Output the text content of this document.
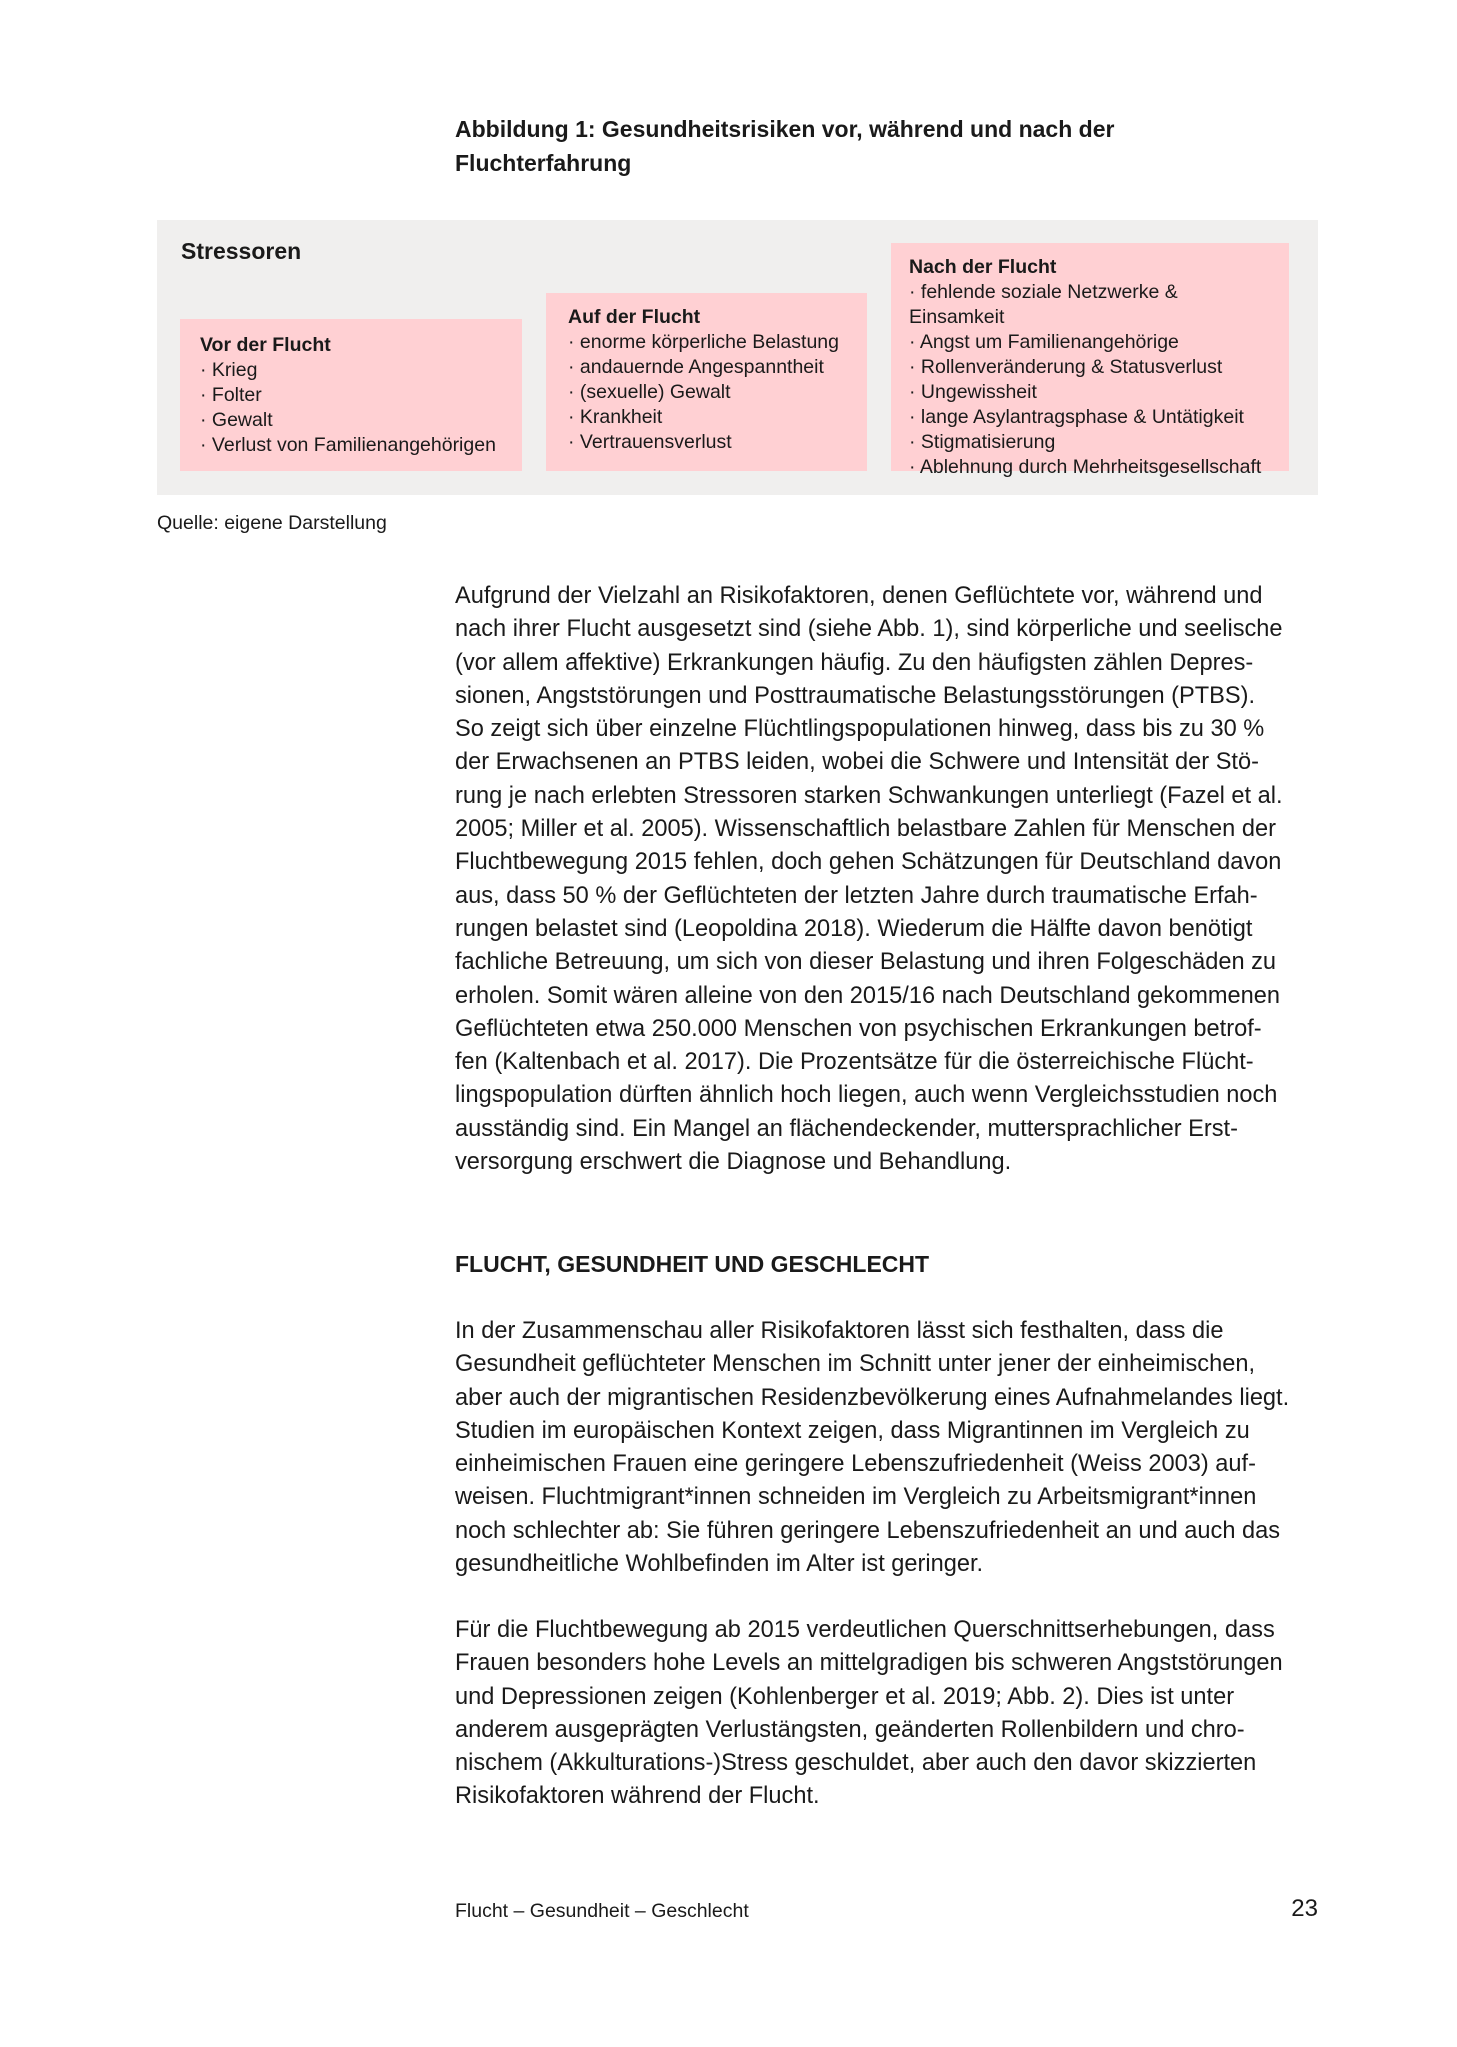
Abbildung 1: Gesundheitsrisiken vor, während und nach der
Fluchterfahrung
Stressoren
Vor der Flucht
· Krieg
· Folter
· Gewalt
· Verlust von Familienangehörigen
Auf der Flucht
· enorme körperliche Belastung
· andauernde Angespanntheit
· (sexuelle) Gewalt
· Krankheit
· Vertrauensverlust
Nach der Flucht
· fehlende soziale Netzwerke & Einsamkeit
· Angst um Familienangehörige
· Rollenveränderung & Statusverlust
· Ungewissheit
· lange Asylantragsphase & Untätigkeit
· Stigmatisierung
· Ablehnung durch Mehrheitsgesellschaft

Quelle: eigene Darstellung

Aufgrund der Vielzahl an Risikofaktoren, denen Geflüchtete vor, während und
nach ihrer Flucht ausgesetzt sind (siehe Abb. 1), sind körperliche und seelische
(vor allem affektive) Erkrankungen häufig. Zu den häufigsten zählen Depres-
sionen, Angststörungen und Posttraumatische Belastungsstörungen (PTBS).
So zeigt sich über einzelne Flüchtlingspopulationen hinweg, dass bis zu 30 %
der Erwachsenen an PTBS leiden, wobei die Schwere und Intensität der Stö-
rung je nach erlebten Stressoren starken Schwankungen unterliegt (Fazel et al.
2005; Miller et al. 2005). Wissenschaftlich belastbare Zahlen für Menschen der
Fluchtbewegung 2015 fehlen, doch gehen Schätzungen für Deutschland davon
aus, dass 50 % der Geflüchteten der letzten Jahre durch traumatische Erfah-
rungen belastet sind (Leopoldina 2018). Wiederum die Hälfte davon benötigt
fachliche Betreuung, um sich von dieser Belastung und ihren Folgeschäden zu
erholen. Somit wären alleine von den 2015/16 nach Deutschland gekommenen
Geflüchteten etwa 250.000 Menschen von psychischen Erkrankungen betrof-
fen (Kaltenbach et al. 2017). Die Prozentsätze für die österreichische Flücht-
lingspopulation dürften ähnlich hoch liegen, auch wenn Vergleichsstudien noch
ausständig sind. Ein Mangel an flächendeckender, muttersprachlicher Erst-
versorgung erschwert die Diagnose und Behandlung.

FLUCHT, GESUNDHEIT UND GESCHLECHT

In der Zusammenschau aller Risikofaktoren lässt sich festhalten, dass die
Gesundheit geflüchteter Menschen im Schnitt unter jener der einheimischen,
aber auch der migrantischen Residenzbevölkerung eines Aufnahmelandes liegt.
Studien im europäischen Kontext zeigen, dass Migrantinnen im Vergleich zu
einheimischen Frauen eine geringere Lebenszufriedenheit (Weiss 2003) auf-
weisen. Fluchtmigrant*innen schneiden im Vergleich zu Arbeitsmigrant*innen
noch schlechter ab: Sie führen geringere Lebenszufriedenheit an und auch das
gesundheitliche Wohlbefinden im Alter ist geringer.

Für die Fluchtbewegung ab 2015 verdeutlichen Querschnittserhebungen, dass
Frauen besonders hohe Levels an mittelgradigen bis schweren Angststörungen
und Depressionen zeigen (Kohlenberger et al. 2019; Abb. 2). Dies ist unter
anderem ausgeprägten Verlustängsten, geänderten Rollenbildern und chro-
nischem (Akkulturations-)Stress geschuldet, aber auch den davor skizzierten
Risikofaktoren während der Flucht.

Flucht – Gesundheit – Geschlecht	23
